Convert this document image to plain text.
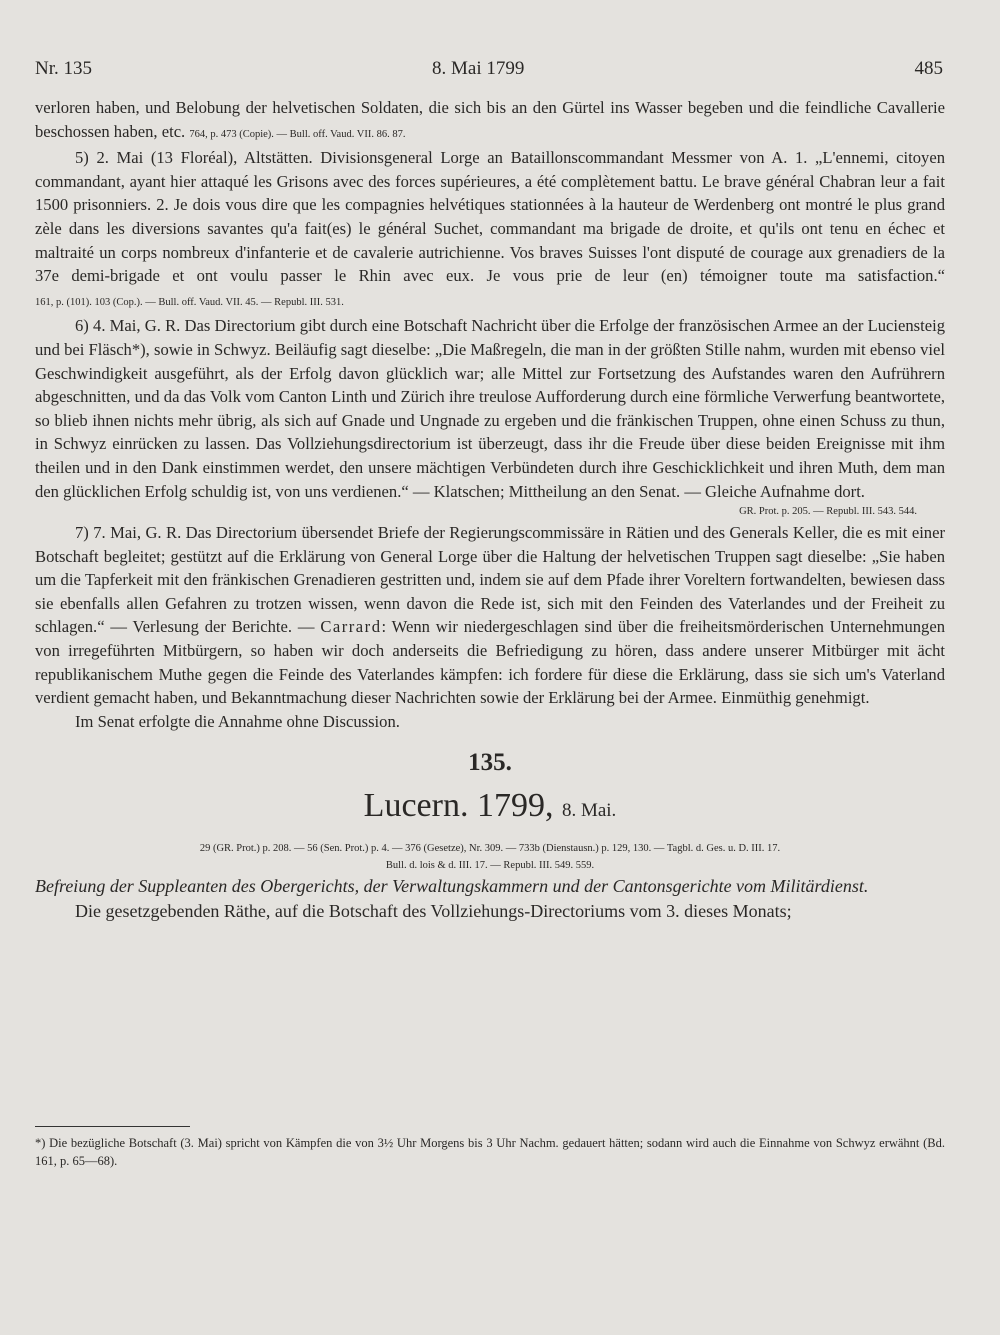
Nr. 135	8. Mai 1799	485

verloren haben, und Belobung der helvetischen Soldaten, die sich bis an den Gürtel ins Wasser begeben und die feindliche Cavallerie beschossen haben, etc. 764, p. 473 (Copie). — Bull. off. Vaud. VII. 86. 87.

5) 2. Mai (13 Floréal), Altstätten. Divisionsgeneral Lorge an Bataillonscommandant Messmer von A. 1. „L'ennemi, citoyen commandant, ayant hier attaqué les Grisons avec des forces supérieures, a été complètement battu. Le brave général Chabran leur a fait 1500 prisonniers. 2. Je dois vous dire que les compagnies helvétiques stationnées à la hauteur de Werdenberg ont montré le plus grand zèle dans les diversions savantes qu'a fait(es) le général Suchet, commandant ma brigade de droite, et qu'ils ont tenu en échec et maltraité un corps nombreux d'infanterie et de cavalerie autrichienne. Vos braves Suisses l'ont disputé de courage aux grenadiers de la 37e demi-brigade et ont voulu passer le Rhin avec eux. Je vous prie de leur (en) témoigner toute ma satisfaction.“ 161, p. (101). 103 (Cop.). — Bull. off. Vaud. VII. 45. — Republ. III. 531.

6) 4. Mai, G. R. Das Directorium gibt durch eine Botschaft Nachricht über die Erfolge der französischen Armee an der Luciensteig und bei Fläsch*), sowie in Schwyz. Beiläufig sagt dieselbe: „Die Maßregeln, die man in der größten Stille nahm, wurden mit ebenso viel Geschwindigkeit ausgeführt, als der Erfolg davon glücklich war; alle Mittel zur Fortsetzung des Aufstandes waren den Aufrührern abgeschnitten, und da das Volk vom Canton Linth und Zürich ihre treulose Aufforderung durch eine förmliche Verwerfung beantwortete, so blieb ihnen nichts mehr übrig, als sich auf Gnade und Ungnade zu ergeben und die fränkischen Truppen, ohne einen Schuss zu thun, in Schwyz einrücken zu lassen. Das Vollziehungsdirectorium ist überzeugt, dass ihr die Freude über diese beiden Ereignisse mit ihm theilen und in den Dank einstimmen werdet, den unsere mächtigen Verbündeten durch ihre Geschicklichkeit und ihren Muth, dem man den glücklichen Erfolg schuldig ist, von uns verdienen.“ — Klatschen; Mittheilung an den Senat. — Gleiche Aufnahme dort.

GR. Prot. p. 205. — Republ. III. 543. 544.

7) 7. Mai, G. R. Das Directorium übersendet Briefe der Regierungscommissäre in Rätien und des Generals Keller, die es mit einer Botschaft begleitet; gestützt auf die Erklärung von General Lorge über die Haltung der helvetischen Truppen sagt dieselbe: „Sie haben um die Tapferkeit mit den fränkischen Grenadieren gestritten und, indem sie auf dem Pfade ihrer Voreltern fortwandelten, bewiesen dass sie ebenfalls allen Gefahren zu trotzen wissen, wenn davon die Rede ist, sich mit den Feinden des Vaterlandes und der Freiheit zu schlagen.“ — Verlesung der Berichte. — Carrard: Wenn wir niedergeschlagen sind über die freiheitsmörderischen Unternehmungen von irregeführten Mitbürgern, so haben wir doch anderseits die Befriedigung zu hören, dass andere unserer Mitbürger mit ächt republikanischem Muthe gegen die Feinde des Vaterlandes kämpfen: ich fordere für diese die Erklärung, dass sie sich um's Vaterland verdient gemacht haben, und Bekanntmachung dieser Nachrichten sowie der Erklärung bei der Armee. Einmüthig genehmigt.

Im Senat erfolgte die Annahme ohne Discussion.

135.
Lucern. 1799, 8. Mai.
29 (GR. Prot.) p. 208. — 56 (Sen. Prot.) p. 4. — 376 (Gesetze), Nr. 309. — 733b (Dienstausn.) p. 129, 130. — Tagbl. d. Ges. u. D. III. 17.
Bull. d. lois & d. III. 17. — Republ. III. 549. 559.

Befreiung der Suppleanten des Obergerichts, der Verwaltungskammern und der Cantonsgerichte vom Militärdienst.

Die gesetzgebenden Räthe, auf die Botschaft des Vollziehungs-Directoriums vom 3. dieses Monats;

*) Die bezügliche Botschaft (3. Mai) spricht von Kämpfen die von 3½ Uhr Morgens bis 3 Uhr Nachm. gedauert hätten; sodann wird auch die Einnahme von Schwyz erwähnt (Bd. 161, p. 65—68).
